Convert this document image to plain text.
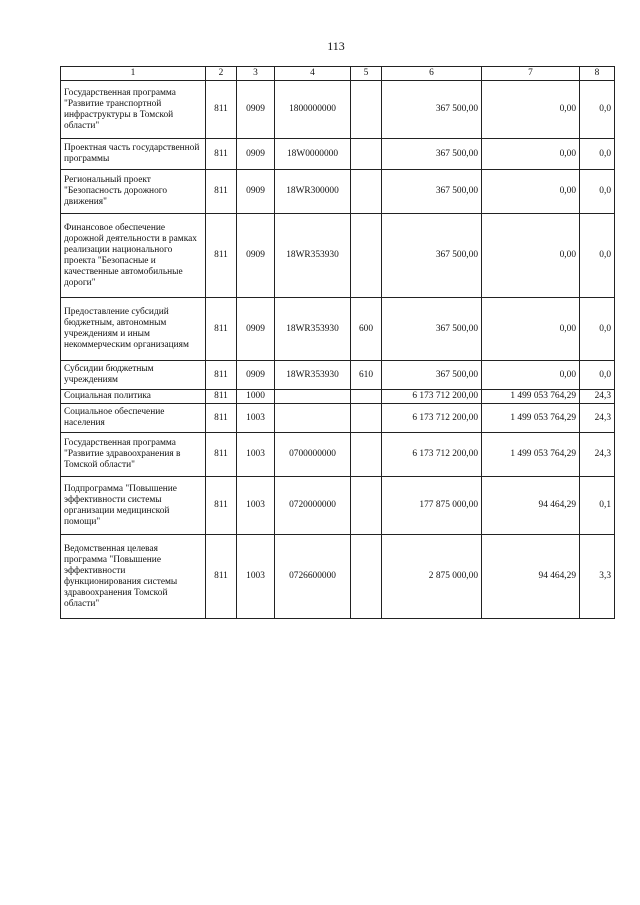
113
1	2	3	4	5	6	7	8
Государственная программа "Развитие транспортной инфраструктуры в Томской области"	811	0909	1800000000		367 500,00	0,00	0,0
Проектная часть государственной программы	811	0909	18W0000000		367 500,00	0,00	0,0
Региональный проект "Безопасность дорожного движения"	811	0909	18WR300000		367 500,00	0,00	0,0
Финансовое обеспечение дорожной деятельности в рамках реализации национального проекта "Безопасные и качественные автомобильные дороги"	811	0909	18WR353930		367 500,00	0,00	0,0
Предоставление субсидий бюджетным, автономным учреждениям и иным некоммерческим организациям	811	0909	18WR353930	600	367 500,00	0,00	0,0
Субсидии бюджетным учреждениям	811	0909	18WR353930	610	367 500,00	0,00	0,0
Социальная политика	811	1000			6 173 712 200,00	1 499 053 764,29	24,3
Социальное обеспечение населения	811	1003			6 173 712 200,00	1 499 053 764,29	24,3
Государственная программа "Развитие здравоохранения в Томской области"	811	1003	0700000000		6 173 712 200,00	1 499 053 764,29	24,3
Подпрограмма "Повышение эффективности системы организации медицинской помощи"	811	1003	0720000000		177 875 000,00	94 464,29	0,1
Ведомственная целевая программа "Повышение эффективности функционирования системы здравоохранения Томской области"	811	1003	0726600000		2 875 000,00	94 464,29	3,3
